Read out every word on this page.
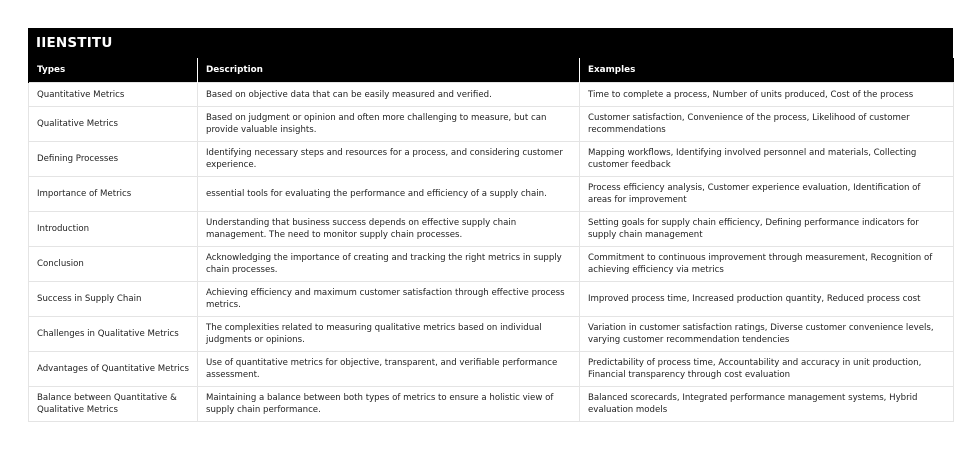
IIENSTITU
Types	Description	Examples
Quantitative Metrics	Based on objective data that can be easily measured and verified.	Time to complete a process, Number of units produced, Cost of the process
Qualitative Metrics	Based on judgment or opinion and often more challenging to measure, but can provide valuable insights.	Customer satisfaction, Convenience of the process, Likelihood of customer recommendations
Defining Processes	Identifying necessary steps and resources for a process, and considering customer experience.	Mapping workflows, Identifying involved personnel and materials, Collecting customer feedback
Importance of Metrics	essential tools for evaluating the performance and efficiency of a supply chain.	Process efficiency analysis, Customer experience evaluation, Identification of areas for improvement
Introduction	Understanding that business success depends on effective supply chain management. The need to monitor supply chain processes.	Setting goals for supply chain efficiency, Defining performance indicators for supply chain management
Conclusion	Acknowledging the importance of creating and tracking the right metrics in supply chain processes.	Commitment to continuous improvement through measurement, Recognition of achieving efficiency via metrics
Success in Supply Chain	Achieving efficiency and maximum customer satisfaction through effective process metrics.	Improved process time, Increased production quantity, Reduced process cost
Challenges in Qualitative Metrics	The complexities related to measuring qualitative metrics based on individual judgments or opinions.	Variation in customer satisfaction ratings, Diverse customer convenience levels, varying customer recommendation tendencies
Advantages of Quantitative Metrics	Use of quantitative metrics for objective, transparent, and verifiable performance assessment.	Predictability of process time, Accountability and accuracy in unit production, Financial transparency through cost evaluation
Balance between Quantitative & Qualitative Metrics	Maintaining a balance between both types of metrics to ensure a holistic view of supply chain performance.	Balanced scorecards, Integrated performance management systems, Hybrid evaluation models
